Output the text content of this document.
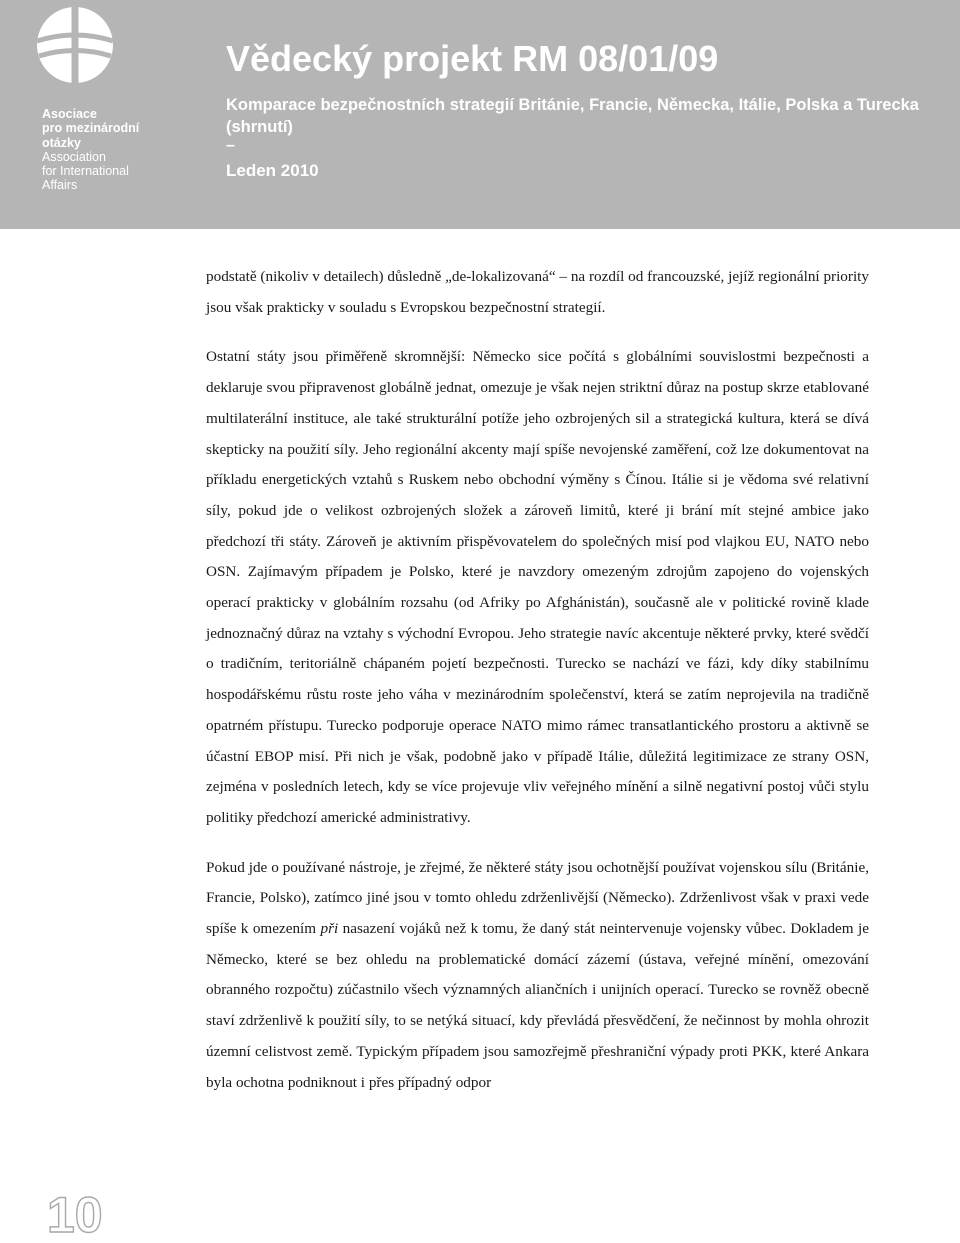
Asociace
pro mezinárodní
otázky
Association
for International
Affairs
Vědecký projekt RM 08/01/09

Komparace bezpečnostních strategií Británie, Francie, Německa, Itálie, Polska a Turecka (shrnutí)

–
Leden 2010

podstatě (nikoliv v detailech) důsledně „de-lokalizovaná“ – na rozdíl od francouzské, jejíž regionální priority jsou však prakticky v souladu s Evropskou bezpečnostní strategií.

Ostatní státy jsou přiměřeně skromnější: Německo sice počítá s globálními souvislostmi bezpečnosti a deklaruje svou připravenost globálně jednat, omezuje je však nejen striktní důraz na postup skrze etablované multilaterální instituce, ale také strukturální potíže jeho ozbrojených sil a strategická kultura, která se dívá skepticky na použití síly. Jeho regionální akcenty mají spíše nevojenské zaměření, což lze dokumentovat na příkladu energetických vztahů s Ruskem nebo obchodní výměny s Čínou. Itálie si je vědoma své relativní síly, pokud jde o velikost ozbrojených složek a zároveň limitů, které ji brání mít stejné ambice jako předchozí tři státy. Zároveň je aktivním přispěvovatelem do společných misí pod vlajkou EU, NATO nebo OSN. Zajímavým případem je Polsko, které je navzdory omezeným zdrojům zapojeno do vojenských operací prakticky v globálním rozsahu (od Afriky po Afghánistán), současně ale v politické rovině klade jednoznačný důraz na vztahy s východní Evropou. Jeho strategie navíc akcentuje některé prvky, které svědčí o tradičním, teritoriálně chápaném pojetí bezpečnosti. Turecko se nachází ve fázi, kdy díky stabilnímu hospodářskému růstu roste jeho váha v mezinárodním společenství, která se zatím neprojevila na tradičně opatrném přístupu. Turecko podporuje operace NATO mimo rámec transatlantického prostoru a aktivně se účastní EBOP misí. Při nich je však, podobně jako v případě Itálie, důležitá legitimizace ze strany OSN, zejména v posledních letech, kdy se více projevuje vliv veřejného mínění a silně negativní postoj vůči stylu politiky předchozí americké administrativy.

Pokud jde o používané nástroje, je zřejmé, že některé státy jsou ochotnější používat vojenskou sílu (Británie, Francie, Polsko), zatímco jiné jsou v tomto ohledu zdrženlivější (Německo). Zdrženlivost však v praxi vede spíše k omezením při nasazení vojáků než k tomu, že daný stát neintervenuje vojensky vůbec. Dokladem je Německo, které se bez ohledu na problematické domácí zázemí (ústava, veřejné mínění, omezování obranného rozpočtu) zúčastnilo všech významných aliančních i unijních operací. Turecko se rovněž obecně staví zdrženlivě k použití síly, to se netýká situací, kdy převládá přesvědčení, že nečinnost by mohla ohrozit územní celistvost země. Typickým případem jsou samozřejmě přeshraniční výpady proti PKK, které Ankara byla ochotna podniknout i přes případný odpor

10
